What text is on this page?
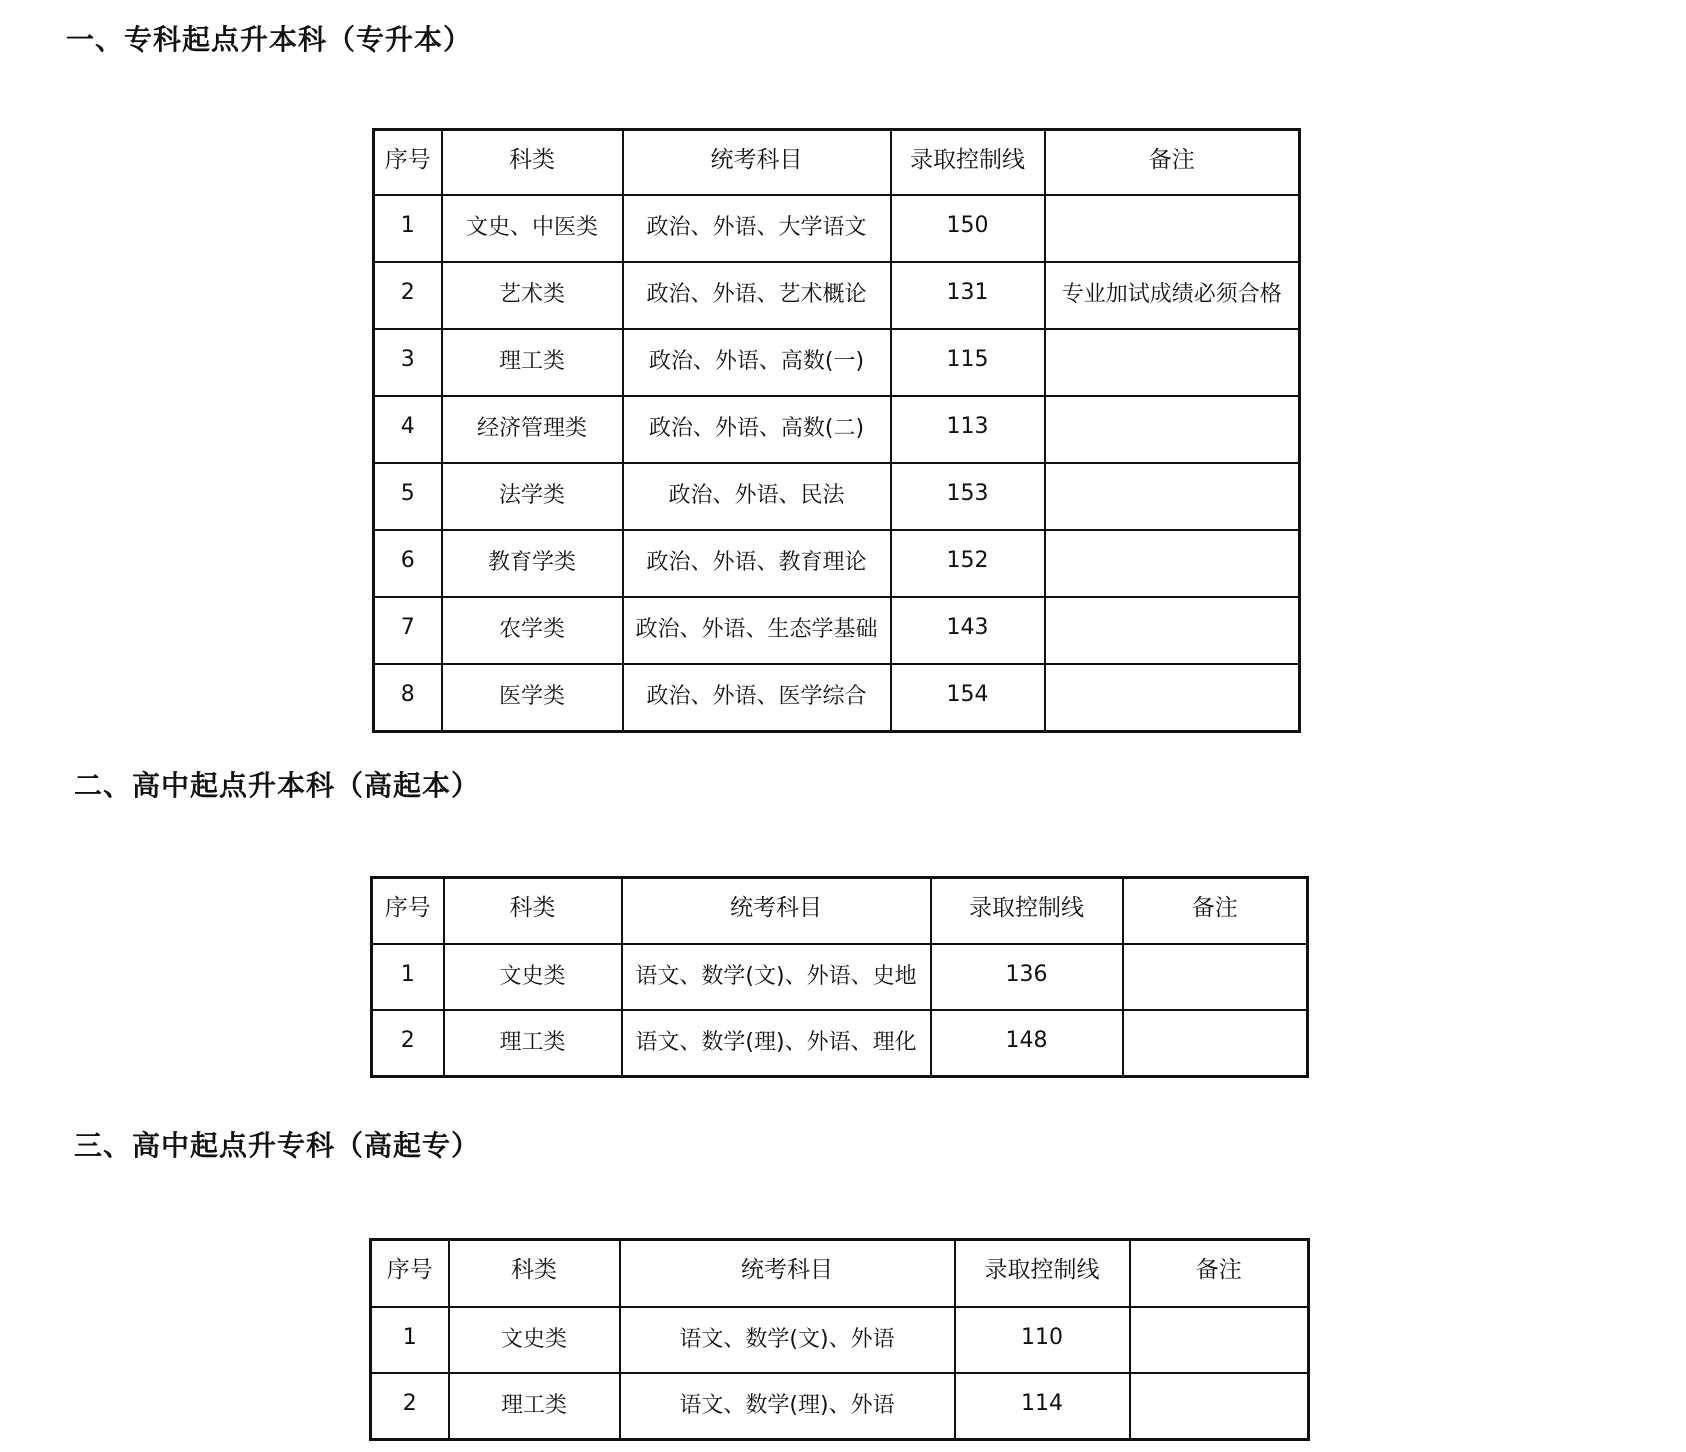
一、专科起点升本科（专升本）
序号	科类	统考科目	录取控制线	备注
1	文史、中医类	政治、外语、大学语文	150	
2	艺术类	政治、外语、艺术概论	131	专业加试成绩必须合格
3	理工类	政治、外语、高数(一)	115	
4	经济管理类	政治、外语、高数(二)	113	
5	法学类	政治、外语、民法	153	
6	教育学类	政治、外语、教育理论	152	
7	农学类	政治、外语、生态学基础	143	
8	医学类	政治、外语、医学综合	154	
二、高中起点升本科（高起本）
序号	科类	统考科目	录取控制线	备注
1	文史类	语文、数学(文)、外语、史地	136	
2	理工类	语文、数学(理)、外语、理化	148	
三、高中起点升专科（高起专）
序号	科类	统考科目	录取控制线	备注
1	文史类	语文、数学(文)、外语	110	
2	理工类	语文、数学(理)、外语	114	
